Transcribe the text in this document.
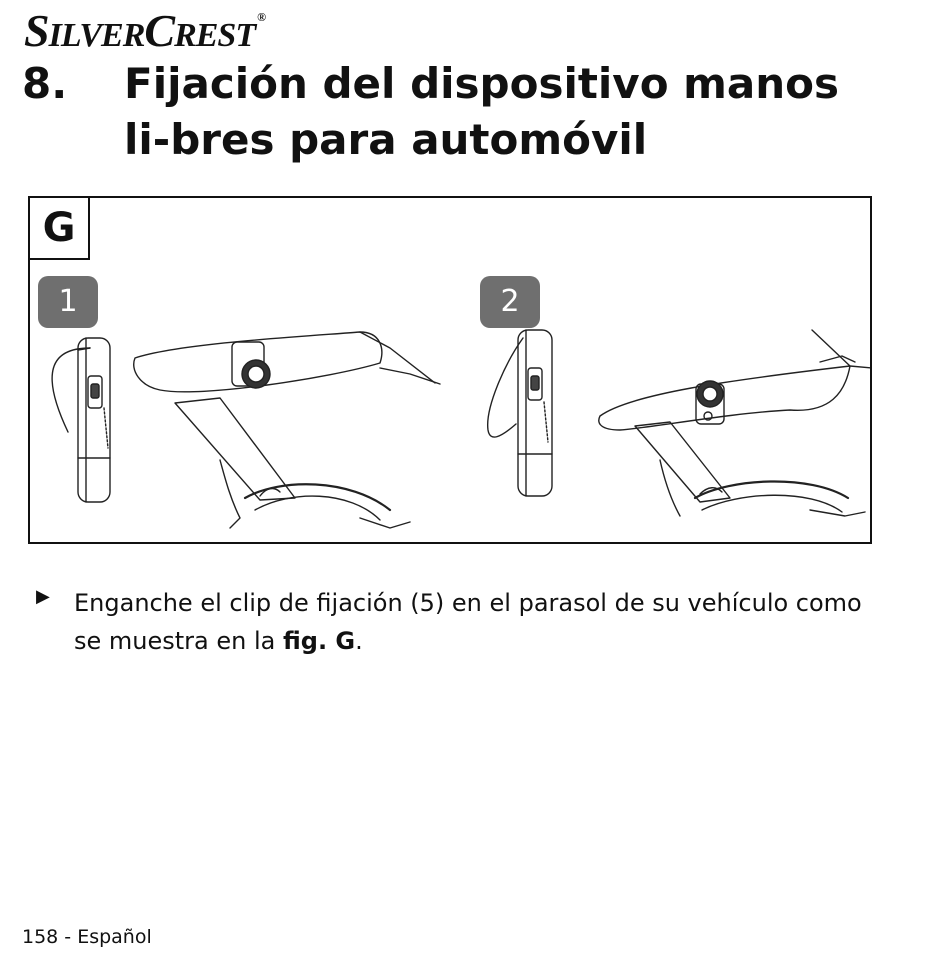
SILVERCREST ®
8. Fijación del dispositivo manos li-bres para automóvil
G
1	2
▶ Enganche el clip de fijación (5) en el parasol de su vehículo como se muestra en la fig. G.

158 - Español
